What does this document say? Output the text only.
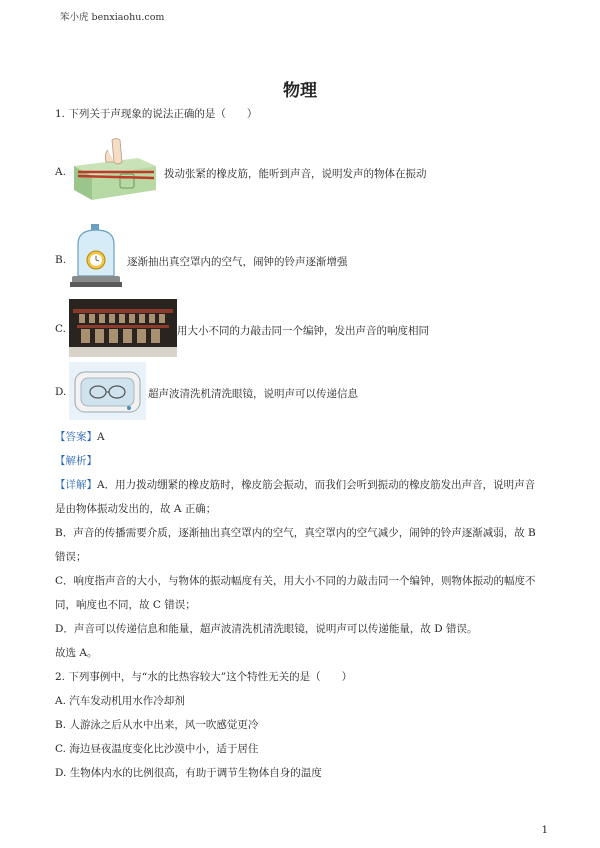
笨小虎 benxiaohu.com
物理
1. 下列关于声现象的说法正确的是（　　）
A.	拨动张紧的橡皮筋，能听到声音，说明发声的物体在振动
B.	逐渐抽出真空罩内的空气，闹钟的铃声逐渐增强
C.	用大小不同的力敲击同一个编钟，发出声音的响度相同
D.	超声波清洗机清洗眼镜，说明声可以传递信息
【答案】A
【解析】
【详解】A．用力拨动绷紧的橡皮筋时，橡皮筋会振动，而我们会听到振动的橡皮筋发出声音，说明声音
是由物体振动发出的，故 A 正确；
B．声音的传播需要介质，逐渐抽出真空罩内的空气，真空罩内的空气减少，闹钟的铃声逐渐减弱，故 B
错误；
C．响度指声音的大小，与物体的振动幅度有关，用大小不同的力敲击同一个编钟，则物体振动的幅度不
同，响度也不同，故 C 错误；
D．声音可以传递信息和能量，超声波清洗机清洗眼镜，说明声可以传递能量，故 D 错误。
故选 A。
2. 下列事例中，与“水的比热容较大”这个特性无关的是（　　）
A. 汽车发动机用水作冷却剂
B. 人游泳之后从水中出来，风一吹感觉更冷
C. 海边昼夜温度变化比沙漠中小，适于居住
D. 生物体内水的比例很高，有助于调节生物体自身的温度
1
